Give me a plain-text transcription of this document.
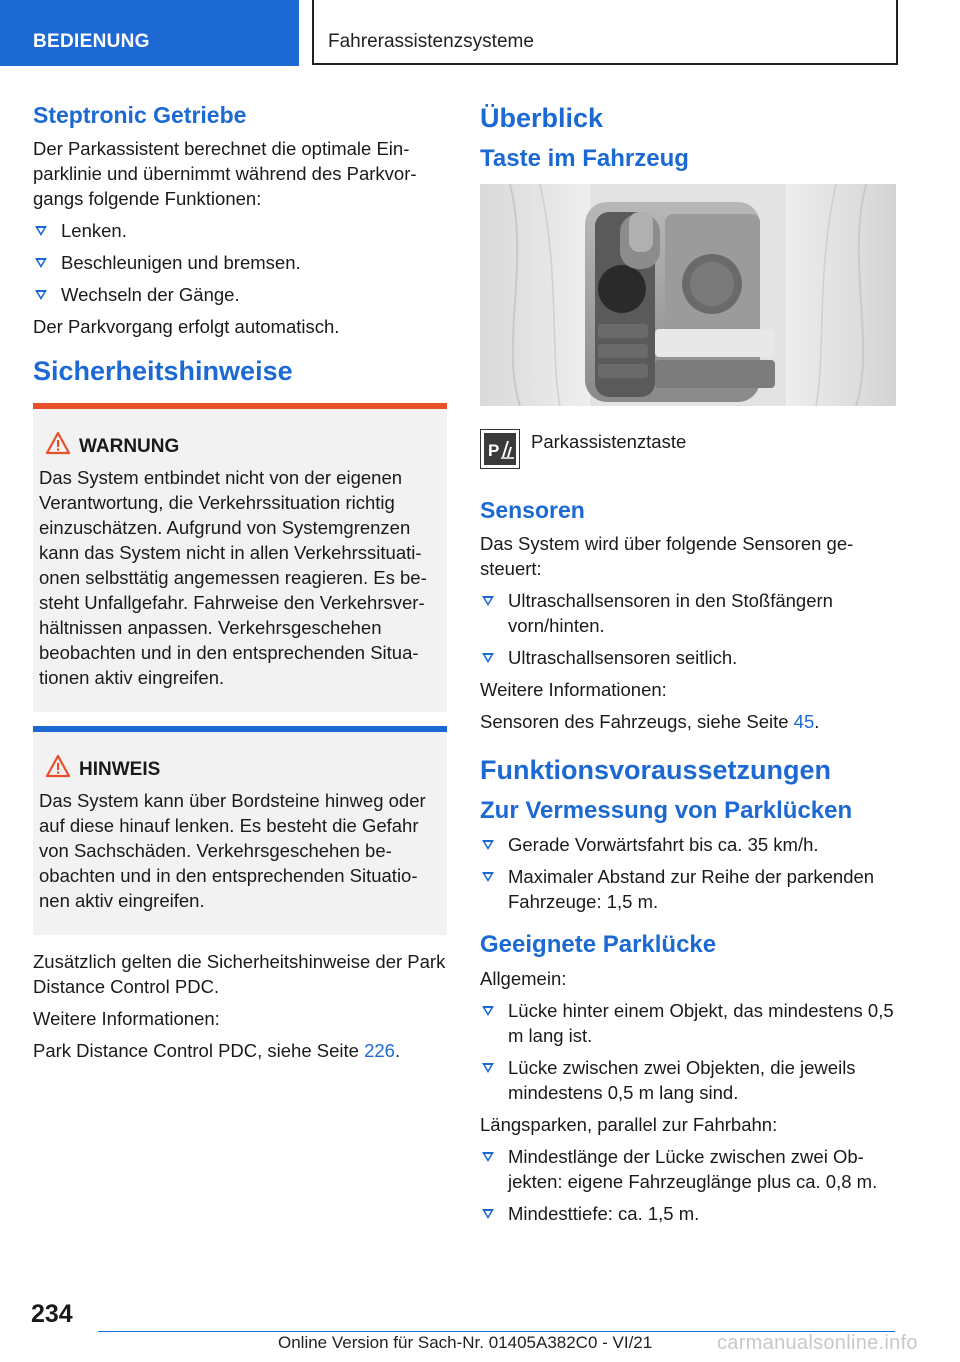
BEDIENUNG	Fahrerassistenzsysteme
Steptronic Getriebe

Der Parkassistent berechnet die optimale Einparklinie und übernimmt während des Parkvorgangs folgende Funktionen:

Lenken.
Beschleunigen und bremsen.
Wechseln der Gänge.

Der Parkvorgang erfolgt automatisch.

Sicherheitshinweise
WARNUNG

Das System entbindet nicht von der eigenen Verantwortung, die Verkehrssituation richtig einzuschätzen. Aufgrund von Systemgrenzen kann das System nicht in allen Verkehrssituationen selbsttätig angemessen reagieren. Es besteht Unfallgefahr. Fahrweise den Verkehrsverhältnissen anpassen. Verkehrsgeschehen beobachten und in den entsprechenden Situationen aktiv eingreifen.

HINWEIS

Das System kann über Bordsteine hinweg oder auf diese hinauf lenken. Es besteht die Gefahr von Sachschäden. Verkehrsgeschehen beobachten und in den entsprechenden Situationen aktiv eingreifen.

Zusätzlich gelten die Sicherheitshinweise der Park Distance Control PDC.

Weitere Informationen:

Park Distance Control PDC, siehe Seite 226.

Überblick
Taste im Fahrzeug
P Parkassistenztaste
Sensoren

Das System wird über folgende Sensoren gesteuert:

Ultraschallsensoren in den Stoßfängern vorn/hinten.
Ultraschallsensoren seitlich.

Weitere Informationen:

Sensoren des Fahrzeugs, siehe Seite 45.

Funktionsvoraussetzungen
Zur Vermessung von Parklücken
Gerade Vorwärtsfahrt bis ca. 35 km/h.
Maximaler Abstand zur Reihe der parkenden Fahrzeuge: 1,5 m.
Geeignete Parklücke

Allgemein:

Lücke hinter einem Objekt, das mindestens 0,5 m lang ist.
Lücke zwischen zwei Objekten, die jeweils mindestens 0,5 m lang sind.

Längsparken, parallel zur Fahrbahn:

Mindestlänge der Lücke zwischen zwei Objekten: eigene Fahrzeuglänge plus ca. 0,8 m.
Mindesttiefe: ca. 1,5 m.
234
Online Version für Sach-Nr. 01405A382C0 - VI/21	carmanualsonline.info
